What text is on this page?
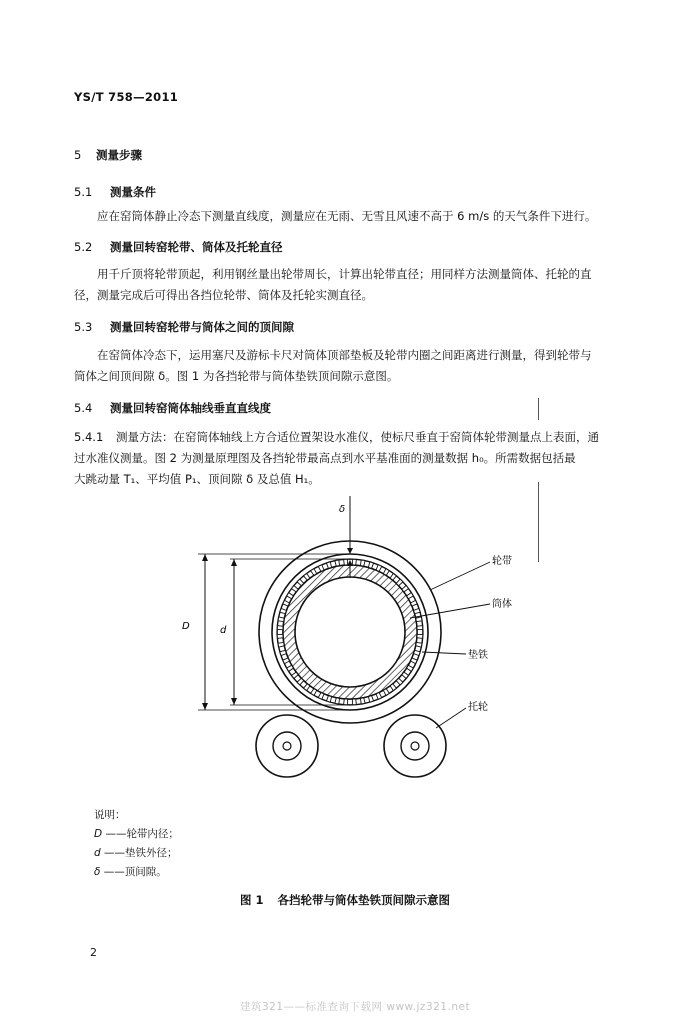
YS/T 758—2011
5 测量步骤
5.1 测量条件
应在窑筒体静止冷态下测量直线度，测量应在无雨、无雪且风速不高于 6 m/s 的天气条件下进行。
5.2 测量回转窑轮带、筒体及托轮直径
用千斤顶将轮带顶起，利用钢丝量出轮带周长，计算出轮带直径；用同样方法测量筒体、托轮的直
径，测量完成后可得出各挡位轮带、筒体及托轮实测直径。
5.3 测量回转窑轮带与筒体之间的顶间隙
在窑筒体冷态下，运用塞尺及游标卡尺对筒体顶部垫板及轮带内圈之间距离进行测量，得到轮带与
筒体之间顶间隙 δ。图 1 为各挡轮带与筒体垫铁顶间隙示意图。
5.4 测量回转窑筒体轴线垂直直线度
5.4.1 测量方法：在窑筒体轴线上方合适位置架设水准仪，使标尺垂直于窑筒体轮带测量点上表面，通
过水准仪测量。图 2 为测量原理图及各挡轮带最高点到水平基准面的测量数据 h₀。所需数据包括最
大跳动量 T₁、平均值 P₁、顶间隙 δ 及总值 H₁。
δ
D	d
轮带
筒体
垫铁
托轮
说明：
D ——轮带内径；
d ——垫铁外径；
δ ——顶间隙。
图 1 各挡轮带与筒体垫铁顶间隙示意图
2
建筑321——标准查询下载网 www.jz321.net
